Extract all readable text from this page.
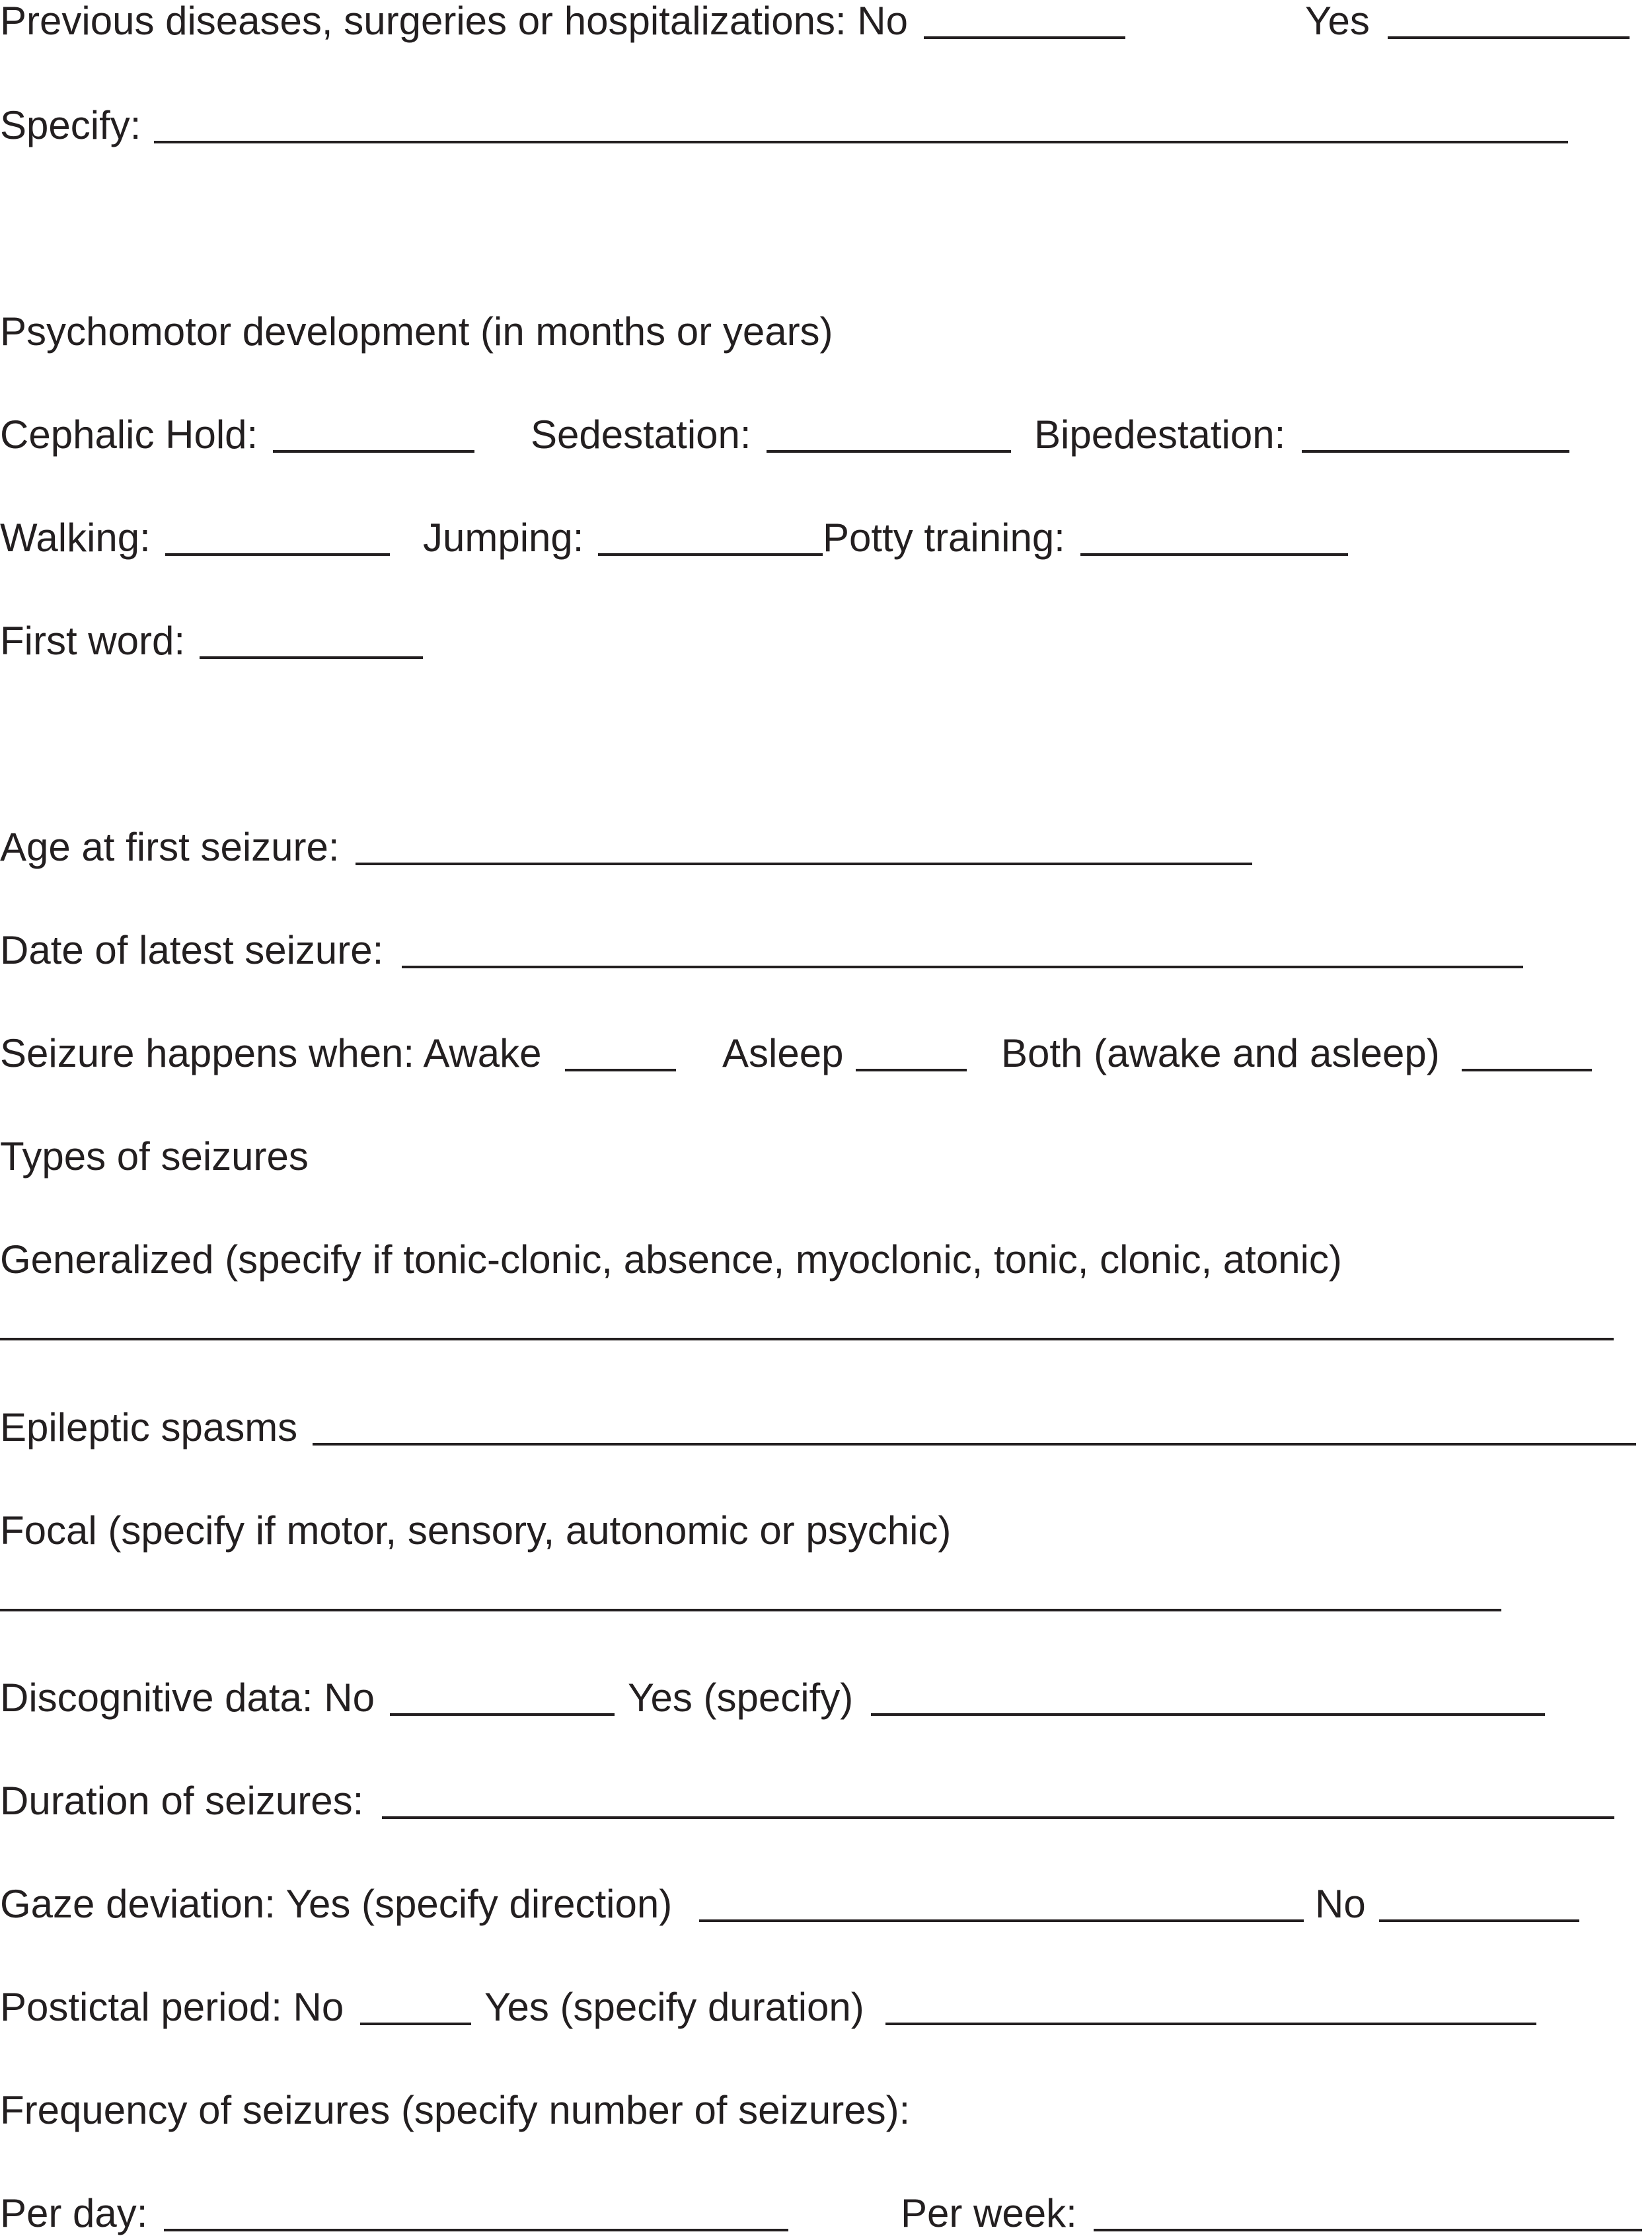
Previous diseases, surgeries or hospitalizations: No	Yes
Specify:
Psychomotor development (in months or years)
Cephalic Hold:	Sedestation:	Bipedestation:
Walking:	Jumping:	Potty training:
First word:
Age at first seizure:
Date of latest seizure:
Seizure happens when: Awake	Asleep	Both (awake and asleep)
Types of seizures
Generalized (specify if tonic-clonic, absence, myoclonic, tonic, clonic, atonic)
Epileptic spasms
Focal (specify if motor, sensory, autonomic or psychic)
Discognitive data: No	Yes (specify)
Duration of seizures:
Gaze deviation: Yes (specify direction)	No
Postictal period: No	Yes (specify duration)
Frequency of seizures (specify number of seizures):
Per day:	Per week:
